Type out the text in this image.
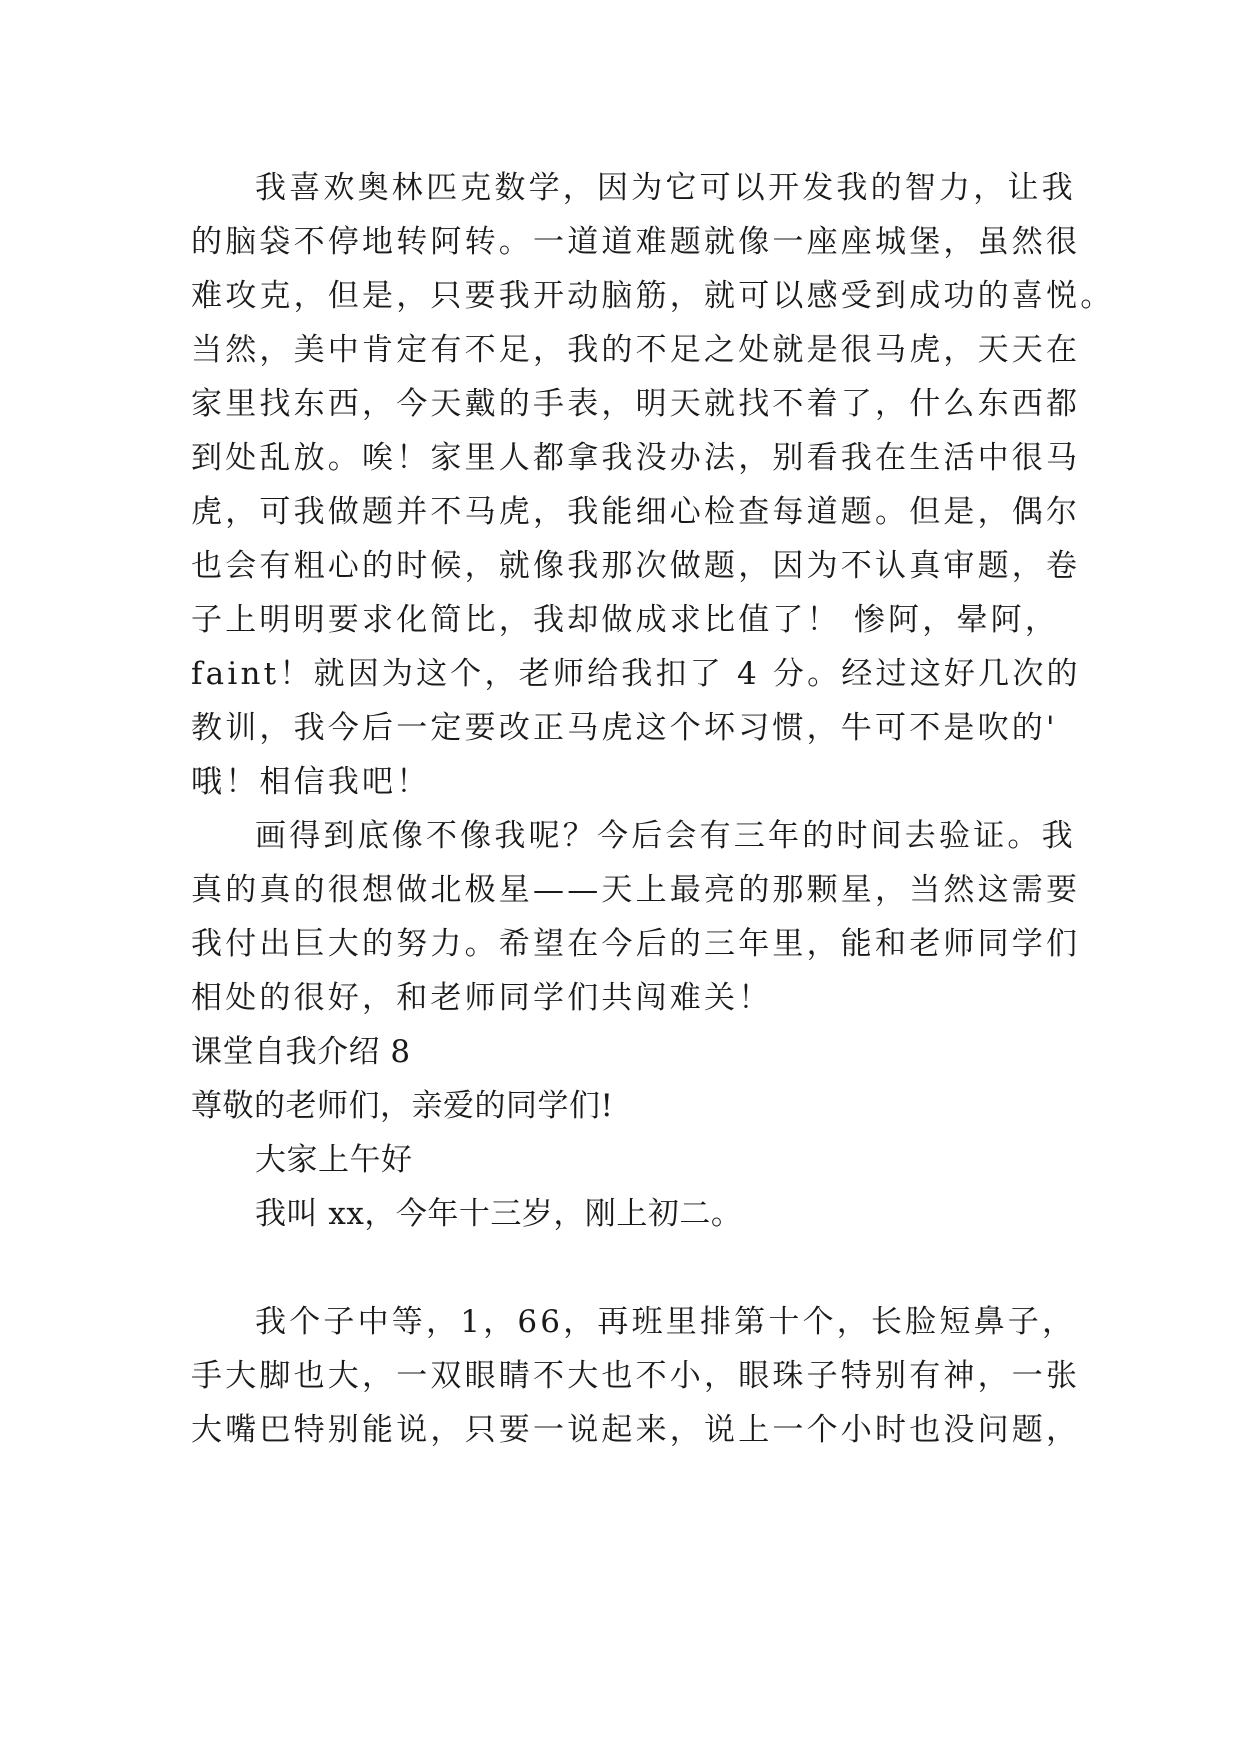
我喜欢奥林匹克数学，因为它可以开发我的智力，让我
的脑袋不停地转阿转。一道道难题就像一座座城堡，虽然很
难攻克，但是，只要我开动脑筋，就可以感受到成功的喜悦。
当然，美中肯定有不足，我的不足之处就是很马虎，天天在
家里找东西，今天戴的手表，明天就找不着了，什么东西都
到处乱放。唉！家里人都拿我没办法，别看我在生活中很马
虎，可我做题并不马虎，我能细心检查每道题。但是，偶尔
也会有粗心的时候，就像我那次做题，因为不认真审题，卷
子上明明要求化简比，我却做成求比值了！ 惨阿，晕阿，
faint！就因为这个，老师给我扣了 4 分。经过这好几次的
教训，我今后一定要改正马虎这个坏习惯，牛可不是吹的'
哦！相信我吧！
画得到底像不像我呢？今后会有三年的时间去验证。我
真的真的很想做北极星——天上最亮的那颗星，当然这需要
我付出巨大的努力。希望在今后的三年里，能和老师同学们
相处的很好，和老师同学们共闯难关！
课堂自我介绍 8
尊敬的老师们，亲爱的同学们!
大家上午好
我叫 xx，今年十三岁，刚上初二。
我个子中等，1，66，再班里排第十个，长脸短鼻子，
手大脚也大，一双眼睛不大也不小，眼珠子特别有神，一张
大嘴巴特别能说，只要一说起来，说上一个小时也没问题，
